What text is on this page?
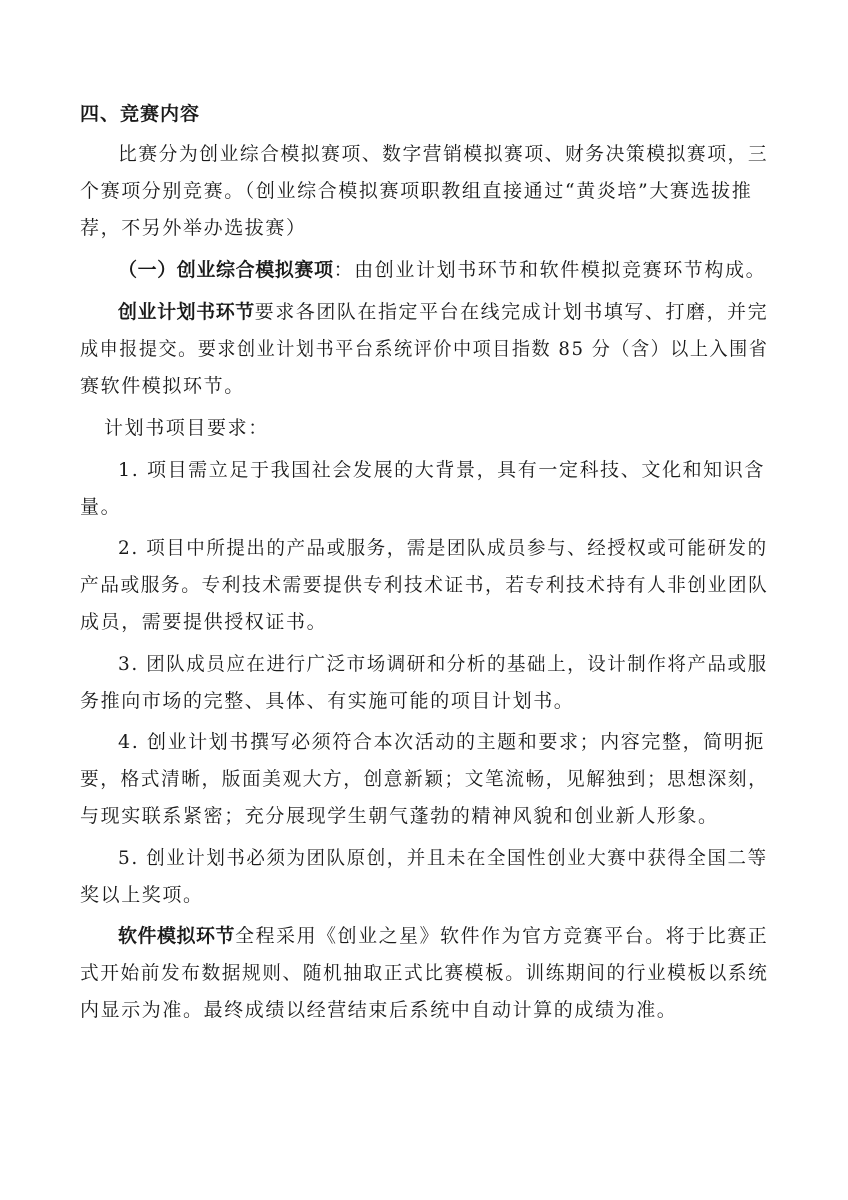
四、竞赛内容
比赛分为创业综合模拟赛项、数字营销模拟赛项、财务决策模拟赛项，三
个赛项分别竞赛。（创业综合模拟赛项职教组直接通过“黄炎培”大赛选拔推
荐，不另外举办选拔赛）
（一）创业综合模拟赛项：由创业计划书环节和软件模拟竞赛环节构成。
创业计划书环节要求各团队在指定平台在线完成计划书填写、打磨，并完
成申报提交。要求创业计划书平台系统评价中项目指数 85 分（含）以上入围省
赛软件模拟环节。
计划书项目要求：
1. 项目需立足于我国社会发展的大背景，具有一定科技、文化和知识含
量。
2. 项目中所提出的产品或服务，需是团队成员参与、经授权或可能研发的
产品或服务。专利技术需要提供专利技术证书，若专利技术持有人非创业团队
成员，需要提供授权证书。
3. 团队成员应在进行广泛市场调研和分析的基础上，设计制作将产品或服
务推向市场的完整、具体、有实施可能的项目计划书。
4. 创业计划书撰写必须符合本次活动的主题和要求；内容完整，简明扼
要，格式清晰，版面美观大方，创意新颖；文笔流畅，见解独到；思想深刻，
与现实联系紧密；充分展现学生朝气蓬勃的精神风貌和创业新人形象。
5. 创业计划书必须为团队原创，并且未在全国性创业大赛中获得全国二等
奖以上奖项。
软件模拟环节全程采用《创业之星》软件作为官方竞赛平台。将于比赛正
式开始前发布数据规则、随机抽取正式比赛模板。训练期间的行业模板以系统
内显示为准。最终成绩以经营结束后系统中自动计算的成绩为准。
